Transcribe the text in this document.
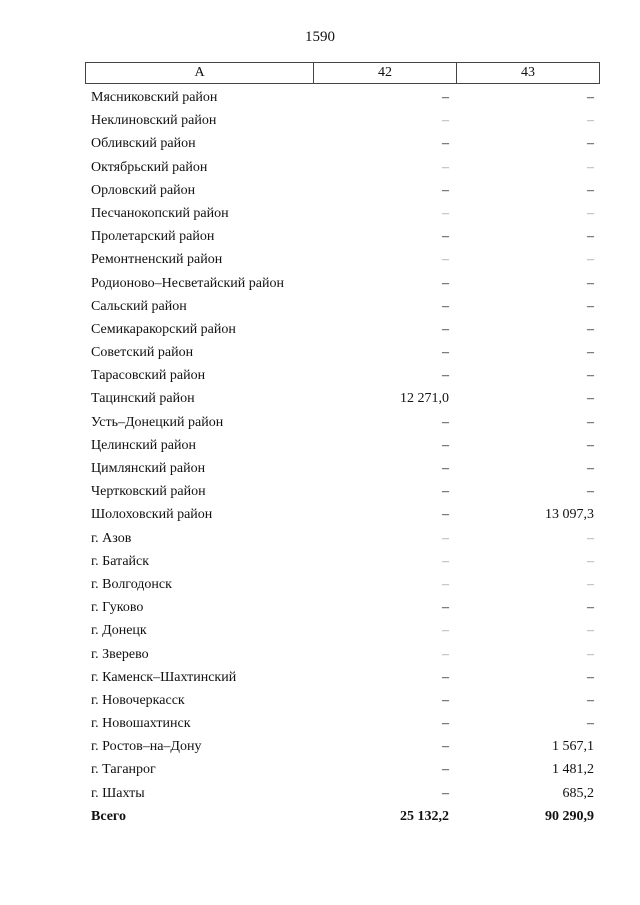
1590
А	42	43
Мясниковский район	–	–
Неклиновский район	–	–
Обливский район	–	–
Октябрьский район	–	–
Орловский район	–	–
Песчанокопский район	–	–
Пролетарский район	–	–
Ремонтненский район	–	–
Родионово–Несветайский район	–	–
Сальский район	–	–
Семикаракорский район	–	–
Советский район	–	–
Тарасовский район	–	–
Тацинский район	12 271,0	–
Усть–Донецкий район	–	–
Целинский район	–	–
Цимлянский район	–	–
Чертковский район	–	–
Шолоховский район	–	13 097,3
г. Азов	–	–
г. Батайск	–	–
г. Волгодонск	–	–
г. Гуково	–	–
г. Донецк	–	–
г. Зверево	–	–
г. Каменск–Шахтинский	–	–
г. Новочеркасск	–	–
г. Новошахтинск	–	–
г. Ростов–на–Дону	–	1 567,1
г. Таганрог	–	1 481,2
г. Шахты	–	685,2
Всего	25 132,2	90 290,9
